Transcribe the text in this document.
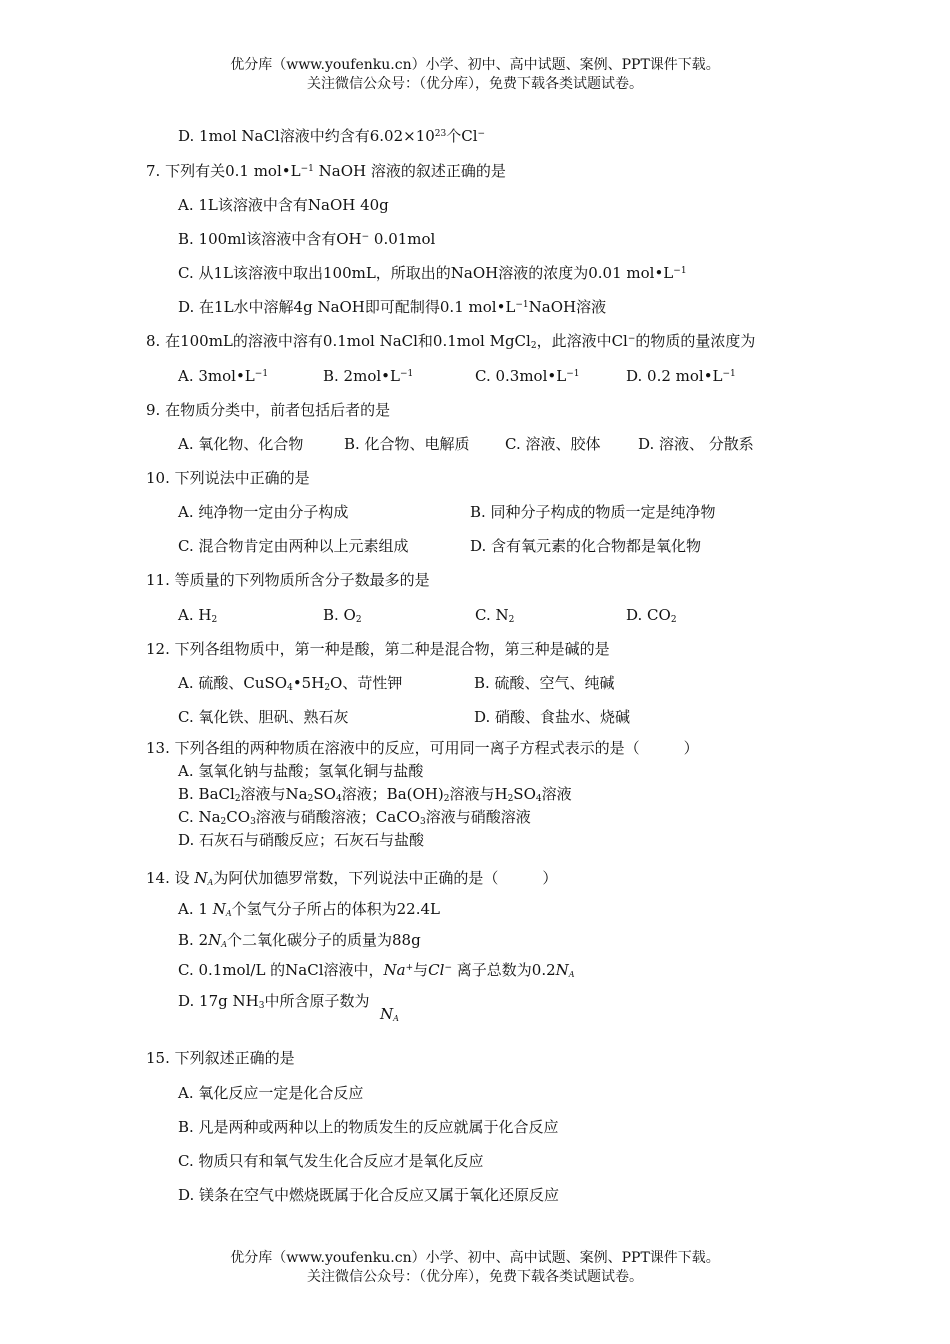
优分库（www.youfenku.cn）小学、初中、高中试题、案例、PPT课件下载。
关注微信公众号：（优分库），免费下载各类试题试卷。
D. 1mol NaCl溶液中约含有$6.02\times 10^{23}$个Cl−
7. 下列有关0.1 $mol•L^{-1}$ NaOH 溶液的叙述正确的是
A. 1L该溶液中含有NaOH 40g
B. 100ml该溶液中含有OH− 0.01mol
C. 从1L该溶液中取出100mL，所取出的NaOH溶液的浓度为0.01 $mol•L^{-1}$
D. 在1L水中溶解4g NaOH即可配制得0.1 $mol•L^{-1}NaOH$溶液
8. 在100mL的溶液中溶有0.1mol NaCl和0.1mol MgCl$_2$，此溶液中Cl−的物质的量浓度为
A. $3mol•L^{-1}$	B. $2mol•L^{-1}$	C. $0.3mol•L^{-1}$	D. 0.2 $mol•L^{-1}$
9. 在物质分类中，前者包括后者的是
A. 氧化物、化合物	B. 化合物、电解质 C. 溶液、胶体	D. 溶液、 分散系
10. 下列说法中正确的是
A. 纯净物一定由分子构成	B. 同种分子构成的物质一定是纯净物
C. 混合物肯定由两种以上元素组成	D. 含有氧元素的化合物都是氧化物
11. 等质量的下列物质所含分子数最多的是
A. $H_2$	B. $O_2$	C. $N_2$	D. $CO_2$
12. 下列各组物质中，第一种是酸，第二种是混合物，第三种是碱的是
A. 硫酸、$CuSO_4•5H_2O$、苛性钾	B. 硫酸、空气、纯碱
C. 氧化铁、胆矾、熟石灰	D. 硝酸、食盐水、烧碱
13. 下列各组的两种物质在溶液中的反应，可用同一离子方程式表示的是（	）
A. 氢氧化钠与盐酸；氢氧化铜与盐酸
B. BaCl$_2$溶液与$Na_2SO_4$溶液；$Ba(OH)_2$溶液与$H_2SO_4$溶液
C. $Na_2CO_3$溶液与硝酸溶液；CaCO$_3$溶液与硝酸溶液
D. 石灰石与硝酸反应；石灰石与盐酸
14. 设 $N_A$为阿伏加德罗常数，下列说法中正确的是（	）
A. 1 $N_A$个氢气分子所占的体积为22.4L
B. $2N_A$个二氧化碳分子的质量为88g
C. 0.1mol/L 的NaCl溶液中，Na+与Cl− 离子总数为$0.2N_A$
D. 17g $NH_3$中所含原子数为
$N_A$
15. 下列叙述正确的是
A. 氧化反应一定是化合反应
B. 凡是两种或两种以上的物质发生的反应就属于化合反应
C. 物质只有和氧气发生化合反应才是氧化反应
D. 镁条在空气中燃烧既属于化合反应又属于氧化还原反应
优分库（www.youfenku.cn）小学、初中、高中试题、案例、PPT课件下载。
关注微信公众号：（优分库），免费下载各类试题试卷。
